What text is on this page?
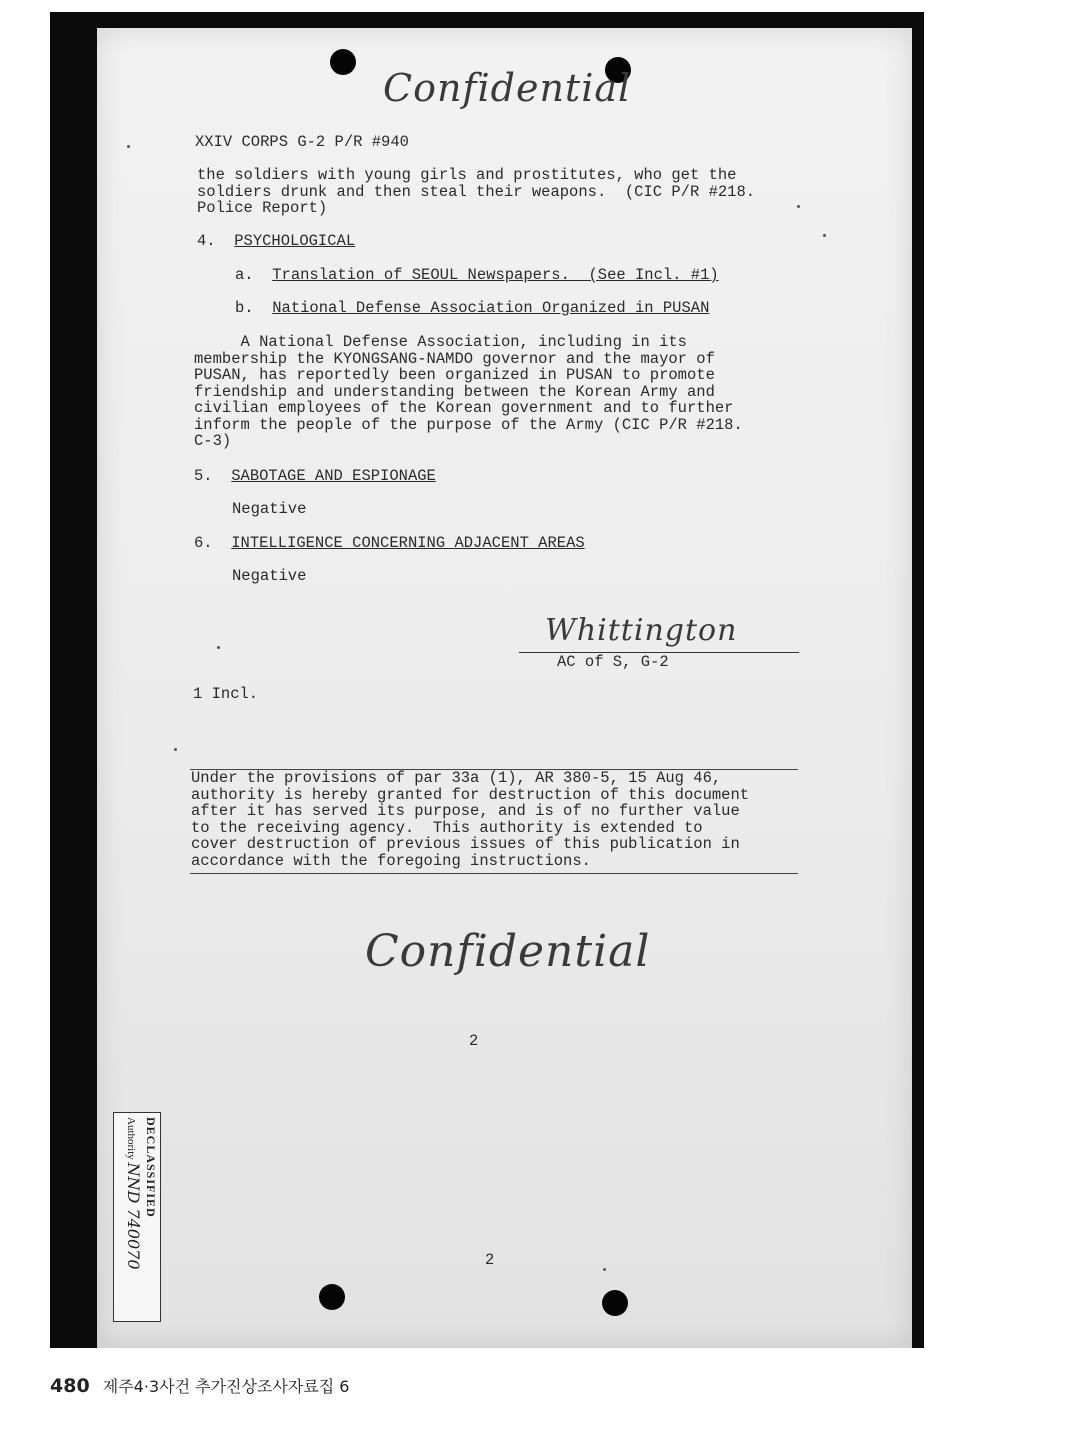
Confidential

XXIV CORPS G-2 P/R #940

the soldiers with young girls and prostitutes, who get the
soldiers drunk and then steal their weapons.  (CIC P/R #218.
Police Report)

4. PSYCHOLOGICAL
a. Translation of SEOUL Newspapers.  (See Incl. #1)
b. National Defense Association Organized in PUSAN

A National Defense Association, including in its
membership the KYONGSANG-NAMDO governor and the mayor of
PUSAN, has reportedly been organized in PUSAN to promote
friendship and understanding between the Korean Army and
civilian employees of the Korean government and to further
inform the people of the purpose of the Army (CIC P/R #218.
C-3)

5. SABOTAGE AND ESPIONAGE

Negative

6. INTELLIGENCE CONCERNING ADJACENT AREAS

Negative

Whittington

AC of S, G-2

1 Incl.

Under the provisions of par 33a (1), AR 380-5, 15 Aug 46,
authority is hereby granted for destruction of this document
after it has served its purpose, and is of no further value
to the receiving agency.  This authority is extended to
cover destruction of previous issues of this publication in
accordance with the foregoing instructions.

Confidential

2

2

DECLASSIFIED
Authority NND 740070
480 제주4·3사건 추가진상조사자료집 6
